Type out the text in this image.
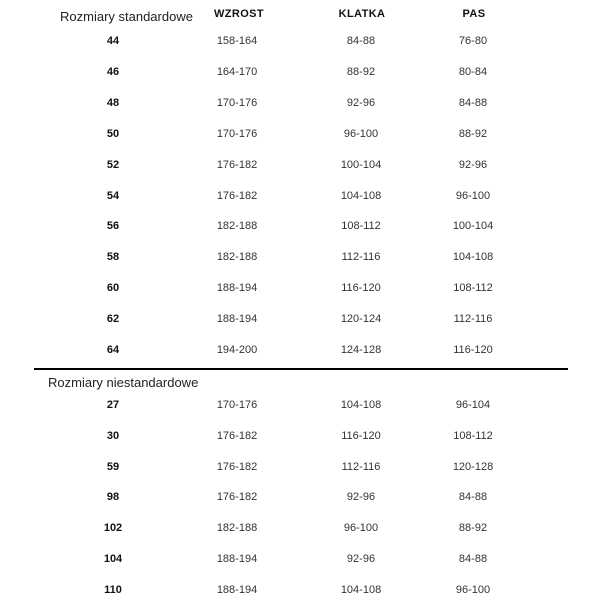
Rozmiary standardowe WZROST	KLATKA	PAS
44	158-164	84-88	76-80
46	164-170	88-92	80-84
48	170-176	92-96	84-88
50	170-176	96-100	88-92
52	176-182	100-104	92-96
54	176-182	104-108	96-100
56	182-188	108-112	100-104
58	182-188	112-116	104-108
60	188-194	116-120	108-112
62	188-194	120-124	112-116
64	194-200	124-128	116-120
Rozmiary niestandardowe
27	170-176	104-108	96-104
30	176-182	116-120	108-112
59	176-182	112-116	120-128
98	176-182	92-96	84-88
102	182-188	96-100	88-92
104	188-194	92-96	84-88
110	188-194	104-108	96-100
